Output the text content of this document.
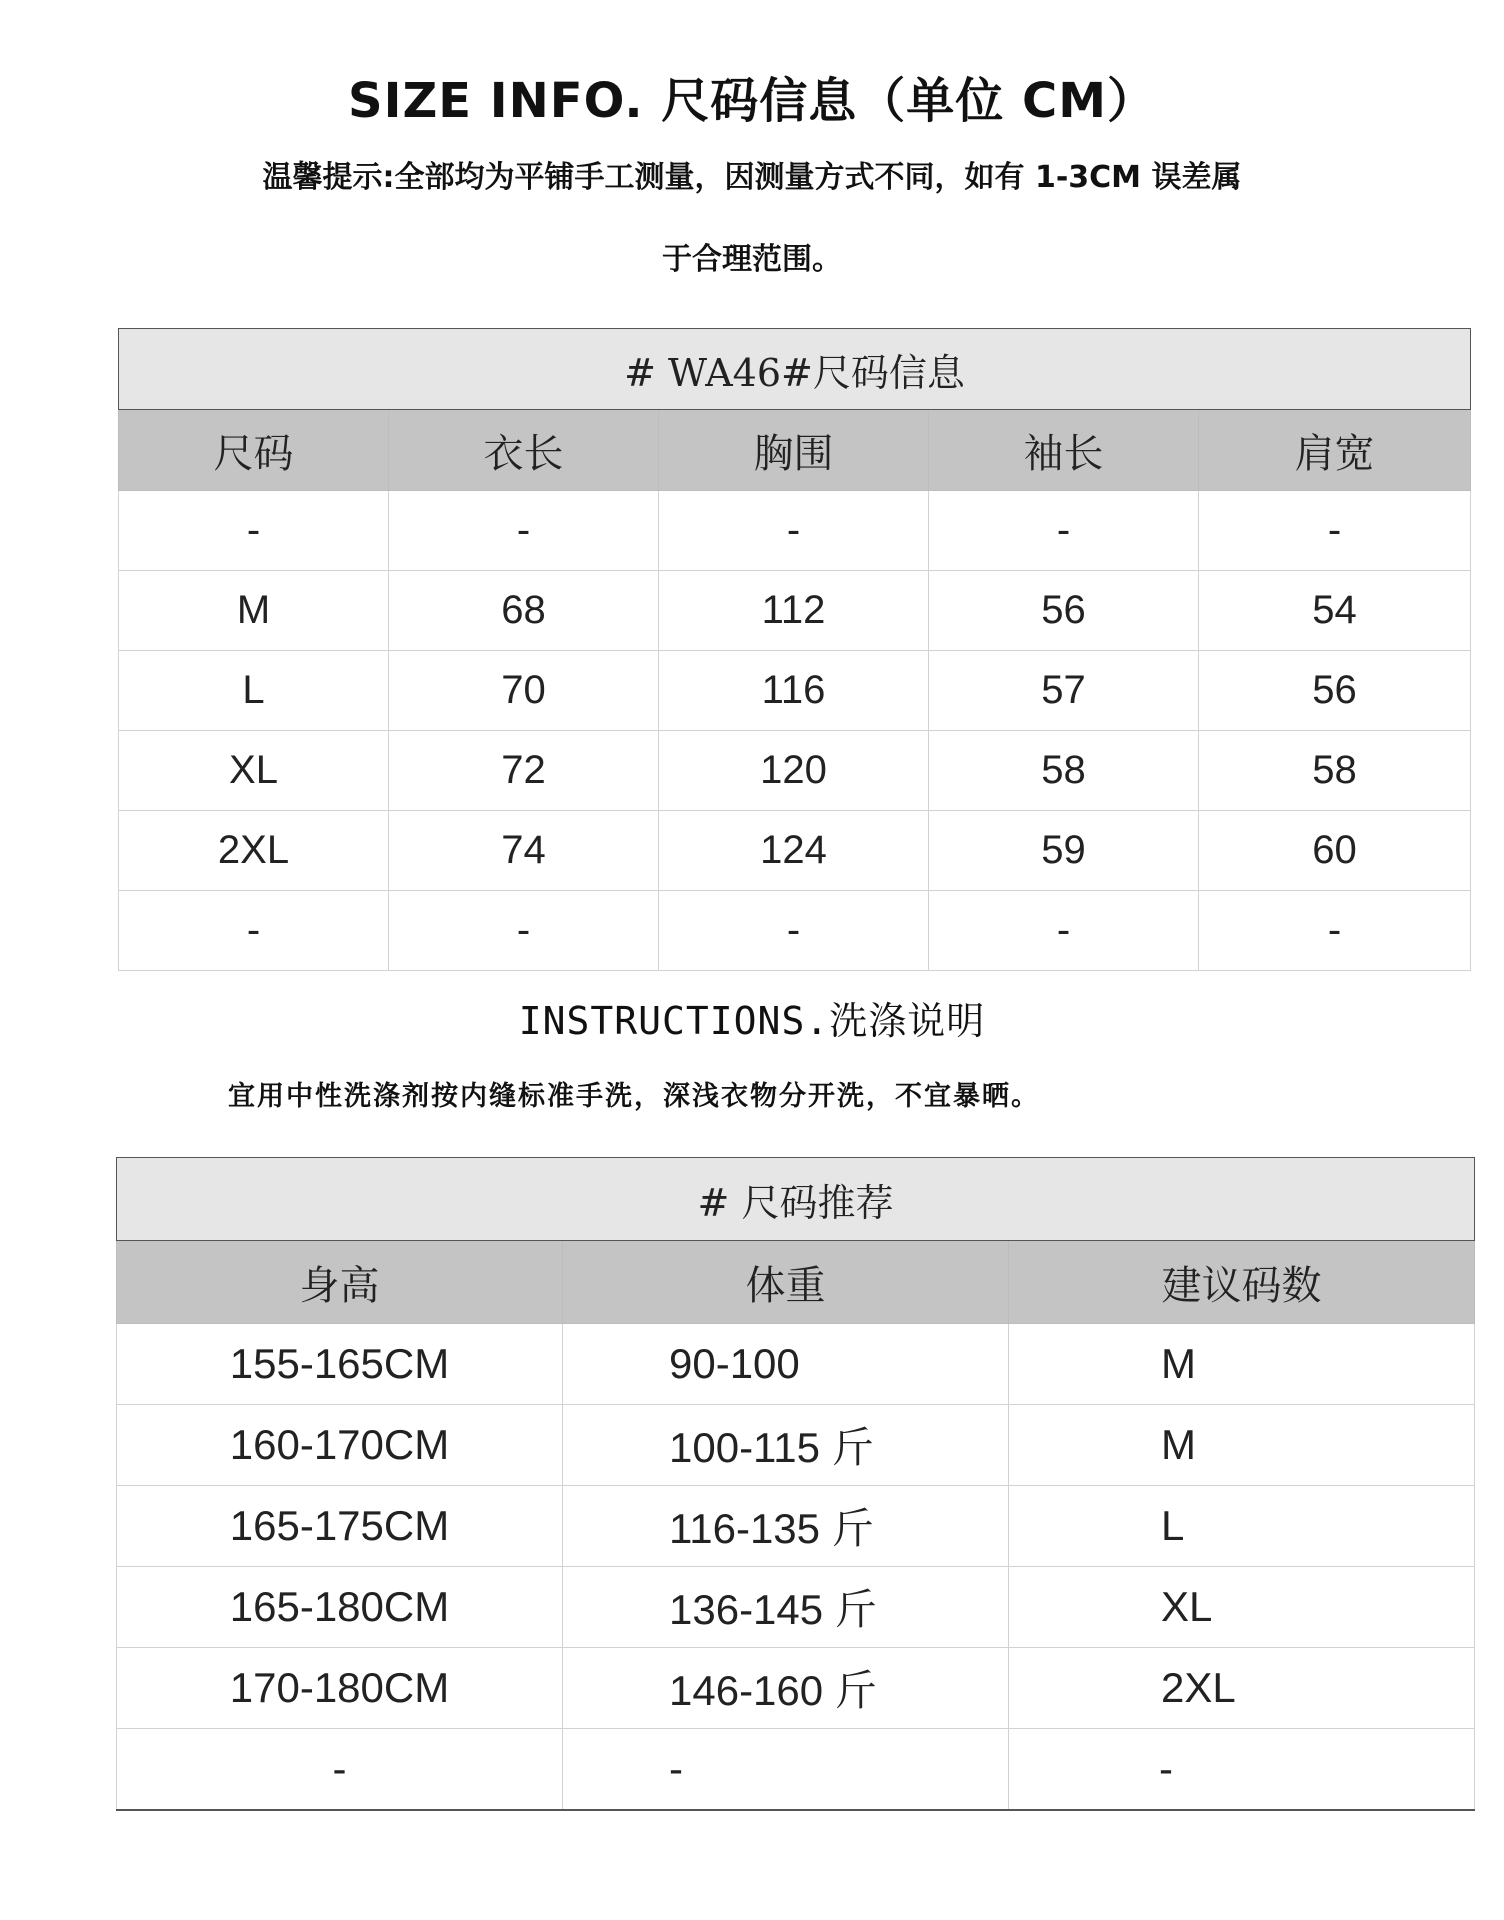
SIZE INFO. 尺码信息（单位 CM）
温馨提示:全部均为平铺手工测量，因测量方式不同，如有 1-3CM 误差属
于合理范围。
# WA46#尺码信息				
尺码	衣长	胸围	袖长	肩宽
-	-	-	-	-
M	68	112	56	54
L	70	116	57	56
XL	72	120	58	58
2XL	74	124	59	60
-	-	-	-	-
INSTRUCTIONS.洗涤说明
宜用中性洗涤剂按内缝标准手洗，深浅衣物分开洗，不宜暴晒。
# 尺码推荐		
身高	体重	建议码数
155-165CM	90-100	M
160-170CM	100-115 斤	M
165-175CM	116-135 斤	L
165-180CM	136-145 斤	XL
170-180CM	146-160 斤	2XL
-	-	-
